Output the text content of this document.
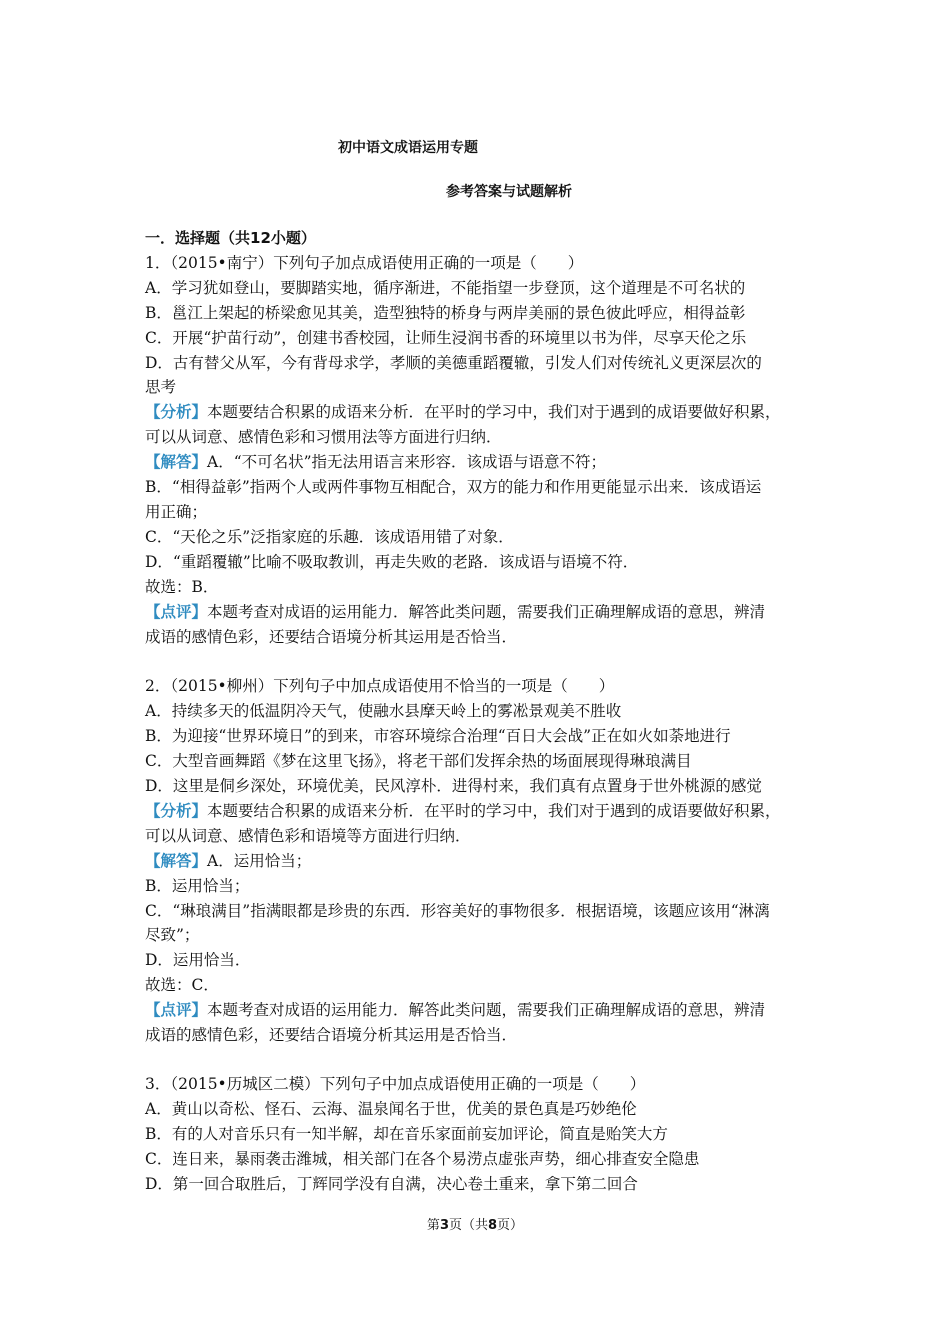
初中语文成语运用专题
参考答案与试题解析
一．选择题（共12小题）
1．（2015•南宁）下列句子加点成语使用正确的一项是（　　）
A．学习犹如登山，要脚踏实地，循序渐进，不能指望一步登顶，这个道理是不可名状的
B．邕江上架起的桥梁愈见其美，造型独特的桥身与两岸美丽的景色彼此呼应，相得益彰
C．开展“护苗行动”，创建书香校园，让师生浸润书香的环境里以书为伴，尽享天伦之乐
D．古有替父从军，今有背母求学，孝顺的美德重蹈覆辙，引发人们对传统礼义更深层次的
思考
【分析】本题要结合积累的成语来分析．在平时的学习中，我们对于遇到的成语要做好积累，
可以从词意、感情色彩和习惯用法等方面进行归纳．
【解答】A．“不可名状”指无法用语言来形容．该成语与语意不符；
B．“相得益彰”指两个人或两件事物互相配合，双方的能力和作用更能显示出来．该成语运
用正确；
C．“天伦之乐”泛指家庭的乐趣．该成语用错了对象．
D．“重蹈覆辙”比喻不吸取教训，再走失败的老路．该成语与语境不符．
故选：B．
【点评】本题考查对成语的运用能力．解答此类问题，需要我们正确理解成语的意思，辨清
成语的感情色彩，还要结合语境分析其运用是否恰当．
2．（2015•柳州）下列句子中加点成语使用不恰当的一项是（　　）
A．持续多天的低温阴冷天气，使融水县摩天岭上的雾凇景观美不胜收
B．为迎接“世界环境日”的到来，市容环境综合治理“百日大会战”正在如火如荼地进行
C．大型音画舞蹈《梦在这里飞扬》，将老干部们发挥余热的场面展现得琳琅满目
D．这里是侗乡深处，环境优美，民风淳朴．进得村来，我们真有点置身于世外桃源的感觉
【分析】本题要结合积累的成语来分析．在平时的学习中，我们对于遇到的成语要做好积累，
可以从词意、感情色彩和语境等方面进行归纳．
【解答】A．运用恰当；
B．运用恰当；
C．“琳琅满目”指满眼都是珍贵的东西．形容美好的事物很多．根据语境，该题应该用“淋漓
尽致”；
D．运用恰当．
故选：C．
【点评】本题考查对成语的运用能力．解答此类问题，需要我们正确理解成语的意思，辨清
成语的感情色彩，还要结合语境分析其运用是否恰当．
3．（2015•历城区二模）下列句子中加点成语使用正确的一项是（　　）
A．黄山以奇松、怪石、云海、温泉闻名于世，优美的景色真是巧妙绝伦
B．有的人对音乐只有一知半解，却在音乐家面前妄加评论，简直是贻笑大方
C．连日来，暴雨袭击潍城，相关部门在各个易涝点虚张声势，细心排查安全隐患
D．第一回合取胜后，丁辉同学没有自满，决心卷土重来，拿下第二回合
第3页（共8页）
